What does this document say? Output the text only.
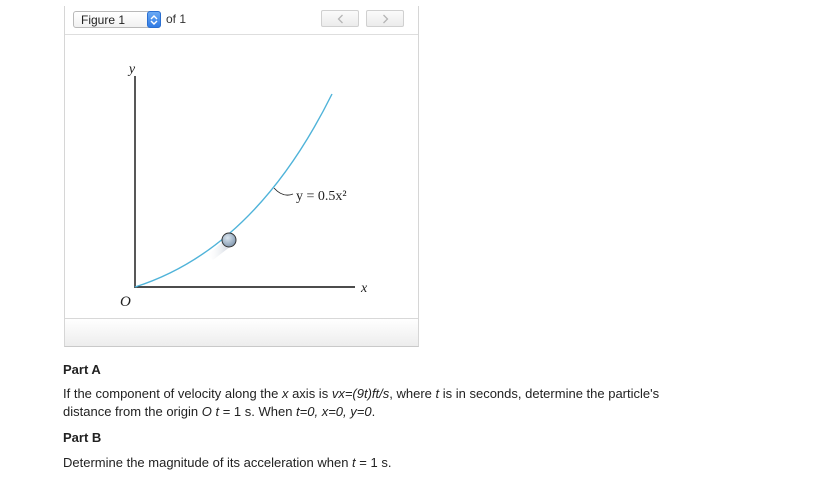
Figure 1	of 1
y
x
O
y = 0.5x²

Part A

If the component of velocity along the x axis is vx=(9t)ft/s, where t is in seconds, determine the particle's

distance from the origin O t = 1 s. When t=0, x=0, y=0.

Part B

Determine the magnitude of its acceleration when t = 1 s.
